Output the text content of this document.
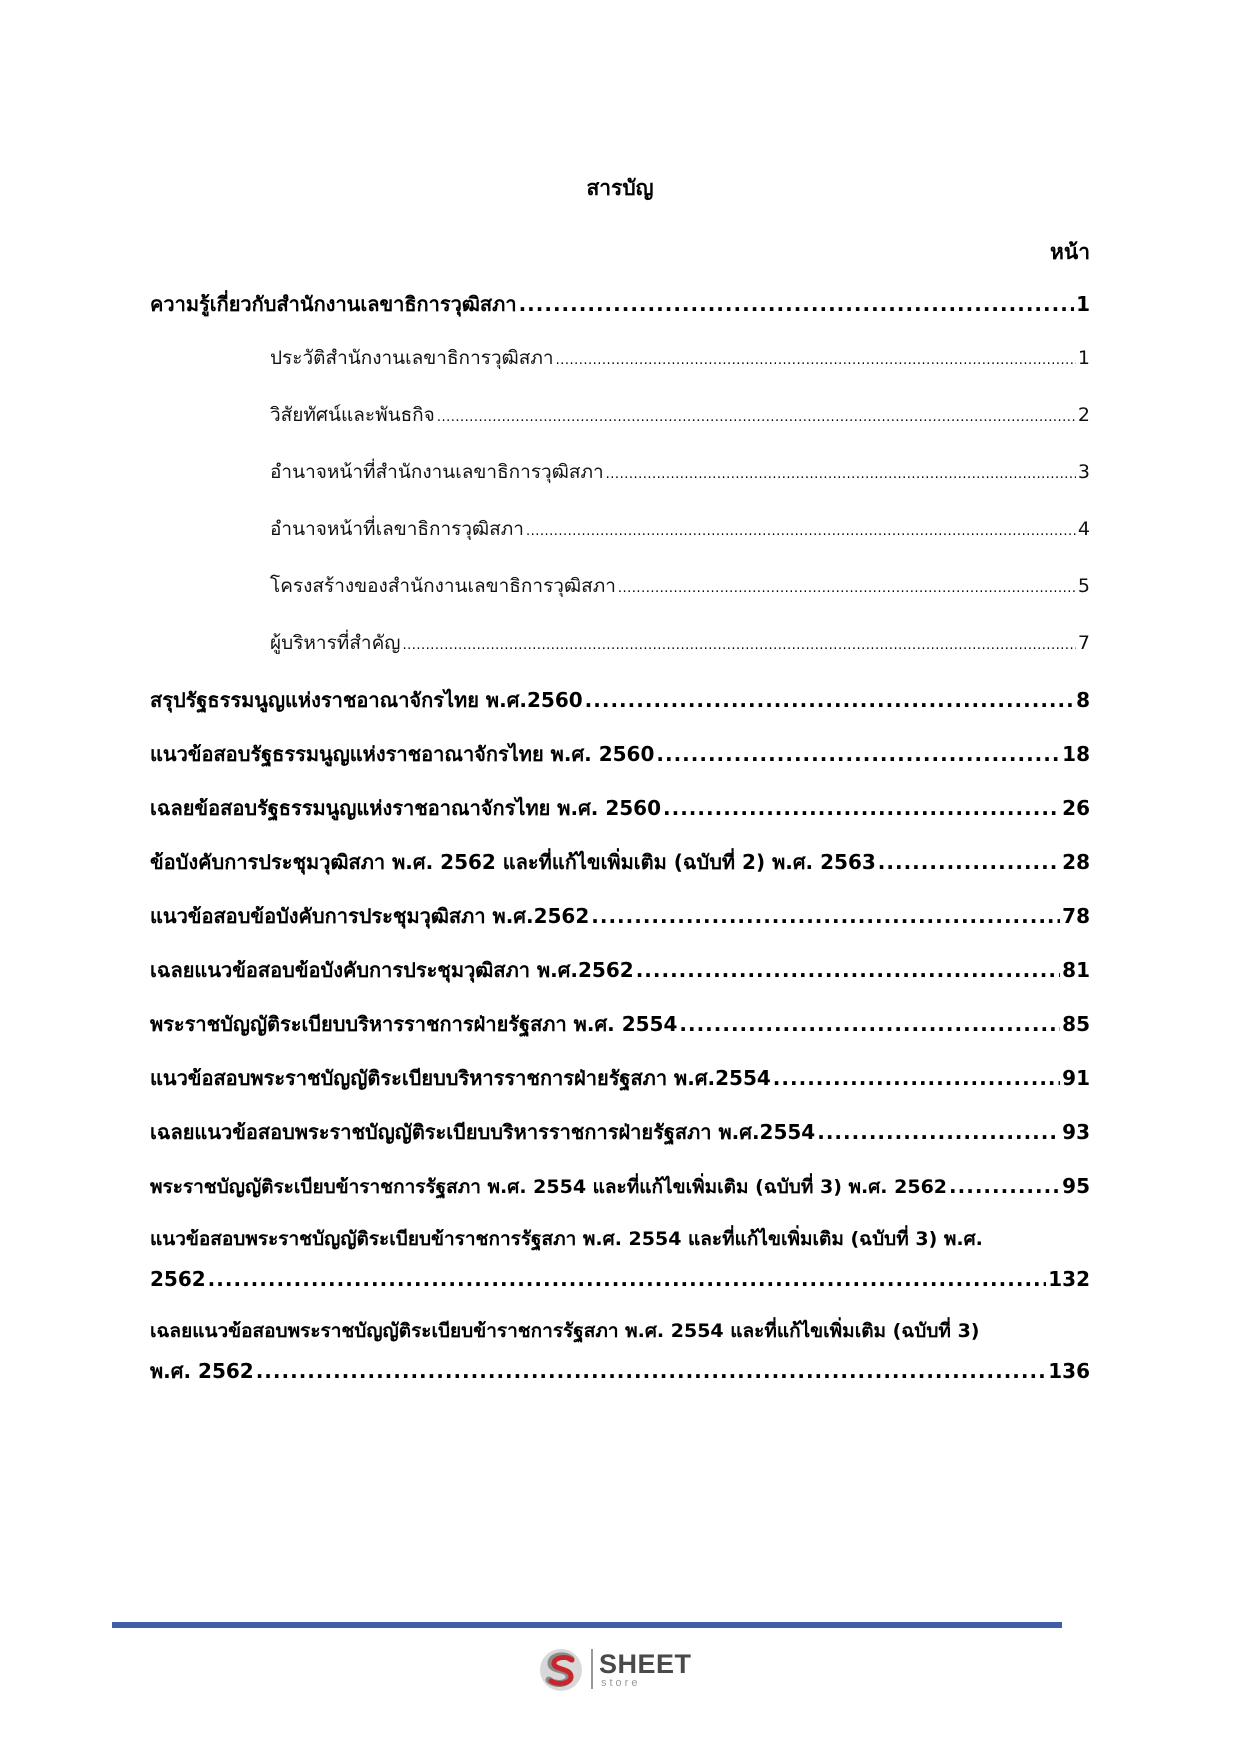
สารบัญ
หน้า
ความรู้เกี่ยวกับสำนักงานเลขาธิการวุฒิสภา .....	1
ประวัติสำนักงานเลขาธิการวุฒิสภา .....	1
วิสัยทัศน์และพันธกิจ .....	2
อำนาจหน้าที่สำนักงานเลขาธิการวุฒิสภา .....	3
อำนาจหน้าที่เลขาธิการวุฒิสภา .....	4
โครงสร้างของสำนักงานเลขาธิการวุฒิสภา .....	5
ผู้บริหารที่สำคัญ .....	7
สรุปรัฐธรรมนูญแห่งราชอาณาจักรไทย พ.ศ.2560 .....	8
แนวข้อสอบรัฐธรรมนูญแห่งราชอาณาจักรไทย พ.ศ. 2560 .....	18
เฉลยข้อสอบรัฐธรรมนูญแห่งราชอาณาจักรไทย พ.ศ. 2560 .....	26
ข้อบังคับการประชุมวุฒิสภา พ.ศ. 2562 และที่แก้ไขเพิ่มเติม (ฉบับที่ 2) พ.ศ. 2563 .....	28
แนวข้อสอบข้อบังคับการประชุมวุฒิสภา พ.ศ.2562 .....	78
เฉลยแนวข้อสอบข้อบังคับการประชุมวุฒิสภา พ.ศ.2562 .....	81
พระราชบัญญัติระเบียบบริหารราชการฝ่ายรัฐสภา พ.ศ. 2554 .....	85
แนวข้อสอบพระราชบัญญัติระเบียบบริหารราชการฝ่ายรัฐสภา พ.ศ.2554 .....	91
เฉลยแนวข้อสอบพระราชบัญญัติระเบียบบริหารราชการฝ่ายรัฐสภา พ.ศ.2554 .....	93
พระราชบัญญัติระเบียบข้าราชการรัฐสภา พ.ศ. 2554 และที่แก้ไขเพิ่มเติม (ฉบับที่ 3) พ.ศ. 2562 .....	95
แนวข้อสอบพระราชบัญญัติระเบียบข้าราชการรัฐสภา พ.ศ. 2554 และที่แก้ไขเพิ่มเติม (ฉบับที่ 3) พ.ศ.
2562 .....	132
เฉลยแนวข้อสอบพระราชบัญญัติระเบียบข้าราชการรัฐสภา พ.ศ. 2554 และที่แก้ไขเพิ่มเติม (ฉบับที่ 3)
พ.ศ. 2562 .....	136
SHEET
store
